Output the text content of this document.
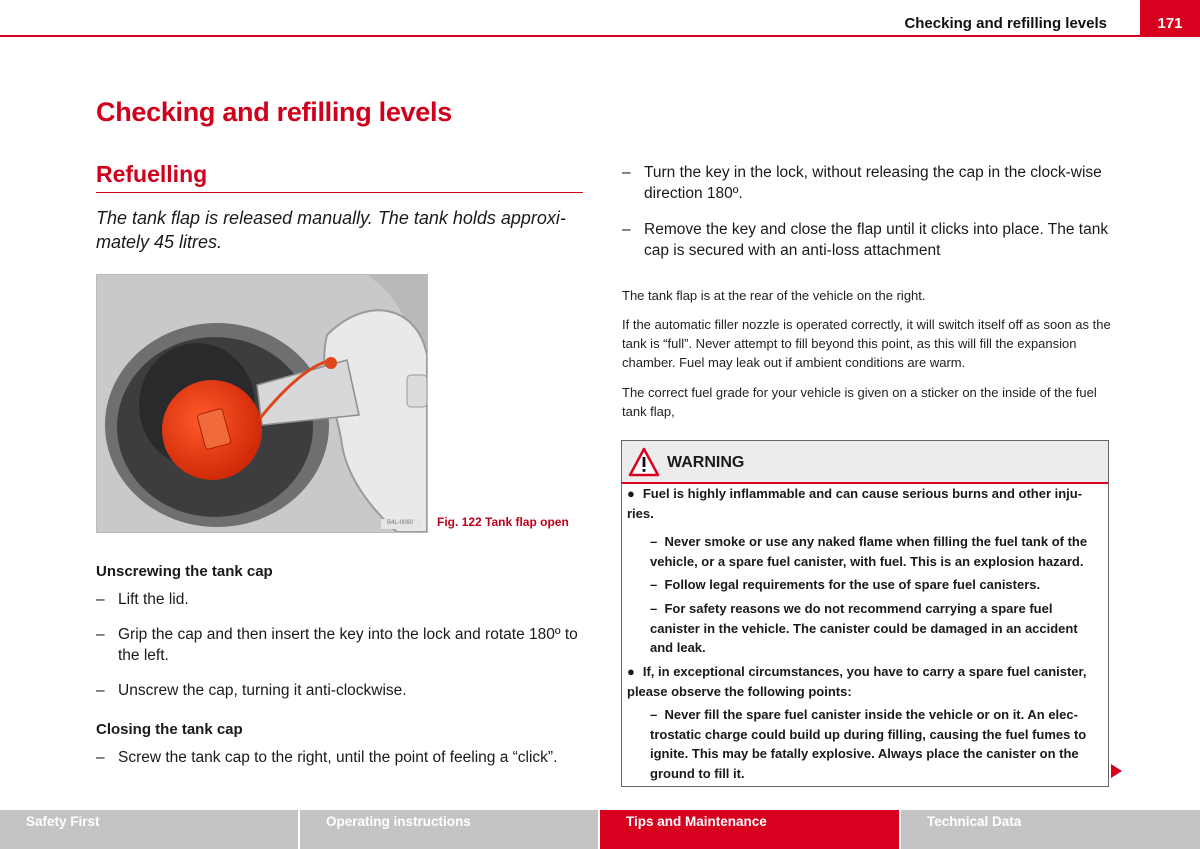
Checking and refilling levels	171
Checking and refilling levels
Refuelling
The tank flap is released manually. The tank holds approxi-mately 45 litres.
B4L-0060 Fig. 122 Tank flap open
Unscrewing the tank cap
– Lift the lid.
– Grip the cap and then insert the key into the lock and rotate 180º to the left.
– Unscrew the cap, turning it anti-clockwise.
Closing the tank cap
– Screw the tank cap to the right, until the point of feeling a “click”.
– Turn the key in the lock, without releasing the cap in the clock-wise direction 180º.
– Remove the key and close the flap until it clicks into place. The tank cap is secured with an anti-loss attachment
The tank flap is at the rear of the vehicle on the right.
If the automatic filler nozzle is operated correctly, it will switch itself off as soon as the tank is “full”. Never attempt to fill beyond this point, as this will fill the expansion chamber. Fuel may leak out if ambient conditions are warm.
The correct fuel grade for your vehicle is given on a sticker on the inside of the fuel tank flap,
WARNING
● Fuel is highly inflammable and can cause serious burns and other inju-ries.
– Never smoke or use any naked flame when filling the fuel tank of the vehicle, or a spare fuel canister, with fuel. This is an explosion hazard.
– Follow legal requirements for the use of spare fuel canisters.
– For safety reasons we do not recommend carrying a spare fuel canister in the vehicle. The canister could be damaged in an accident and leak.
● If, in exceptional circumstances, you have to carry a spare fuel canister, please observe the following points:
– Never fill the spare fuel canister inside the vehicle or on it. An elec-trostatic charge could build up during filling, causing the fuel fumes to ignite. This may be fatally explosive. Always place the canister on the ground to fill it.
Safety First	Operating instructions	Tips and Maintenance	Technical Data
